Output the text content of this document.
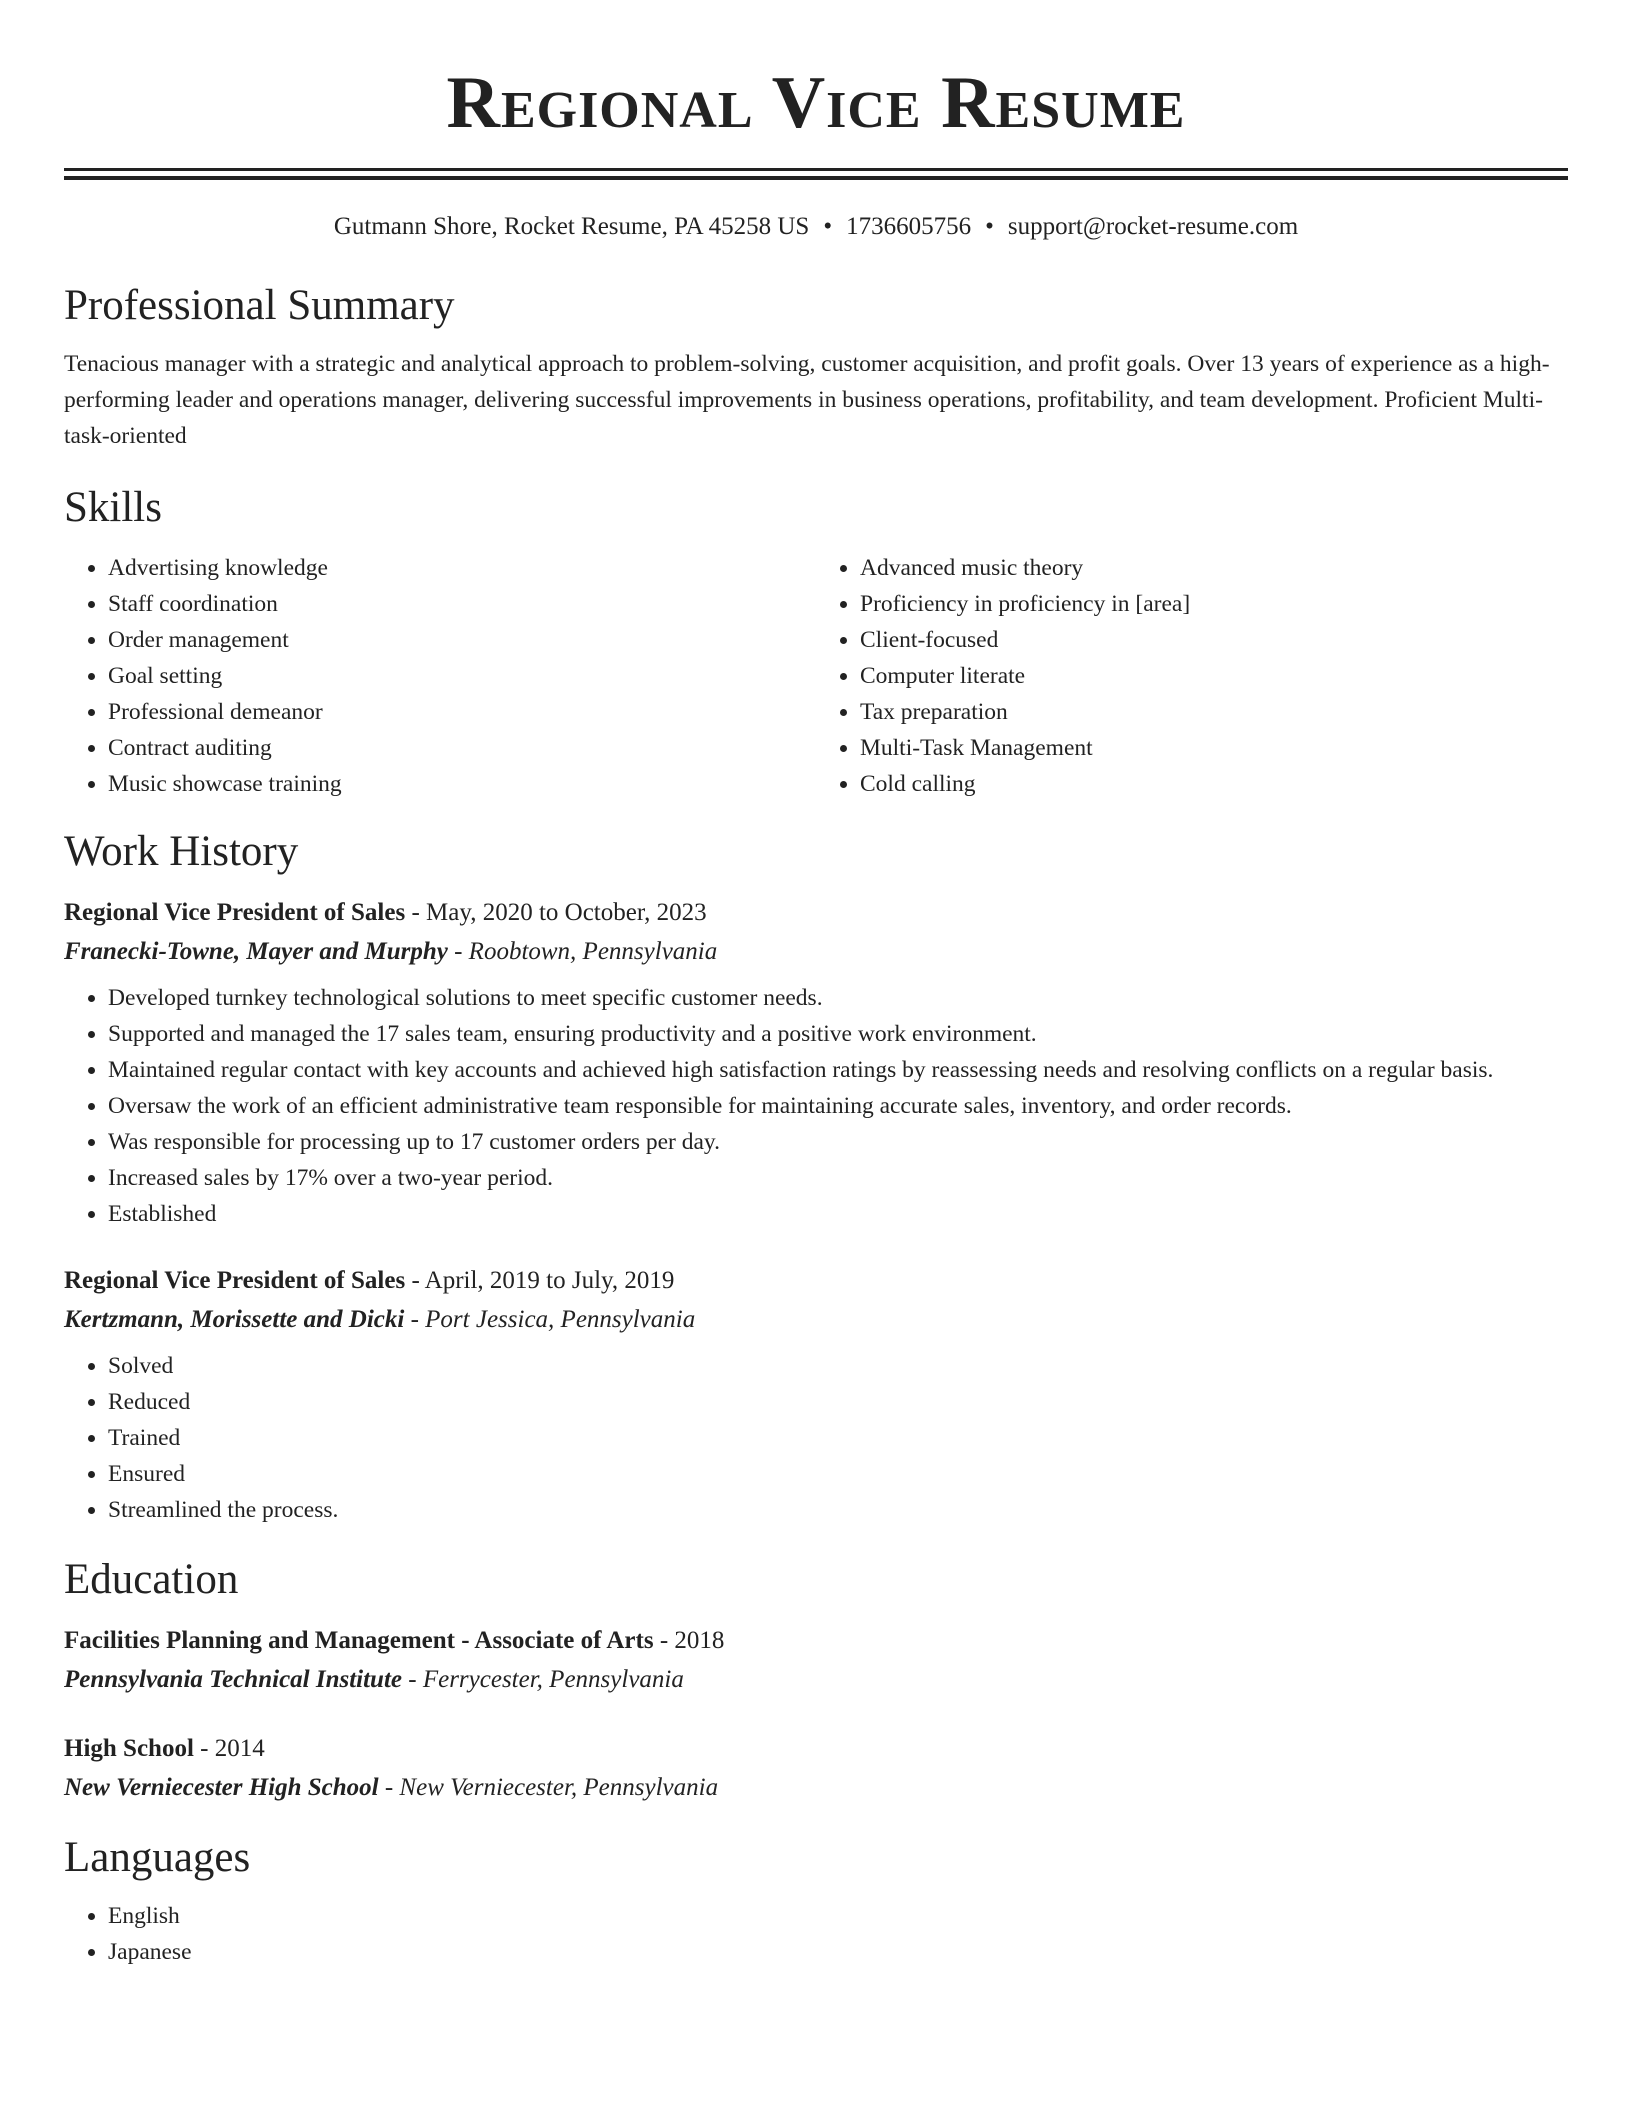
Regional Vice Resume
Gutmann Shore, Rocket Resume, PA 45258 US • 1736605756 • support@rocket-resume.com
Professional Summary
Tenacious manager with a strategic and analytical approach to problem-solving, customer acquisition, and profit goals. Over 13 years of experience as a high-performing leader and operations manager, delivering successful improvements in business operations, profitability, and team development. Proficient Multi-task-oriented
Skills
• Advertising knowledge
• Staff coordination
• Order management
• Goal setting
• Professional demeanor
• Contract auditing
• Music showcase training
• Advanced music theory
• Proficiency in proficiency in [area]
• Client-focused
• Computer literate
• Tax preparation
• Multi-Task Management
• Cold calling
Work History
Regional Vice President of Sales - May, 2020 to October, 2023
Franecki-Towne, Mayer and Murphy - Roobtown, Pennsylvania
• Developed turnkey technological solutions to meet specific customer needs.
• Supported and managed the 17 sales team, ensuring productivity and a positive work environment.
• Maintained regular contact with key accounts and achieved high satisfaction ratings by reassessing needs and resolving conflicts on a regular basis.
• Oversaw the work of an efficient administrative team responsible for maintaining accurate sales, inventory, and order records.
• Was responsible for processing up to 17 customer orders per day.
• Increased sales by 17% over a two-year period.
• Established
Regional Vice President of Sales - April, 2019 to July, 2019
Kertzmann, Morissette and Dicki - Port Jessica, Pennsylvania
• Solved
• Reduced
• Trained
• Ensured
• Streamlined the process.
Education
Facilities Planning and Management - Associate of Arts - 2018
Pennsylvania Technical Institute - Ferrycester, Pennsylvania
High School - 2014
New Verniecester High School - New Verniecester, Pennsylvania
Languages
• English
• Japanese
